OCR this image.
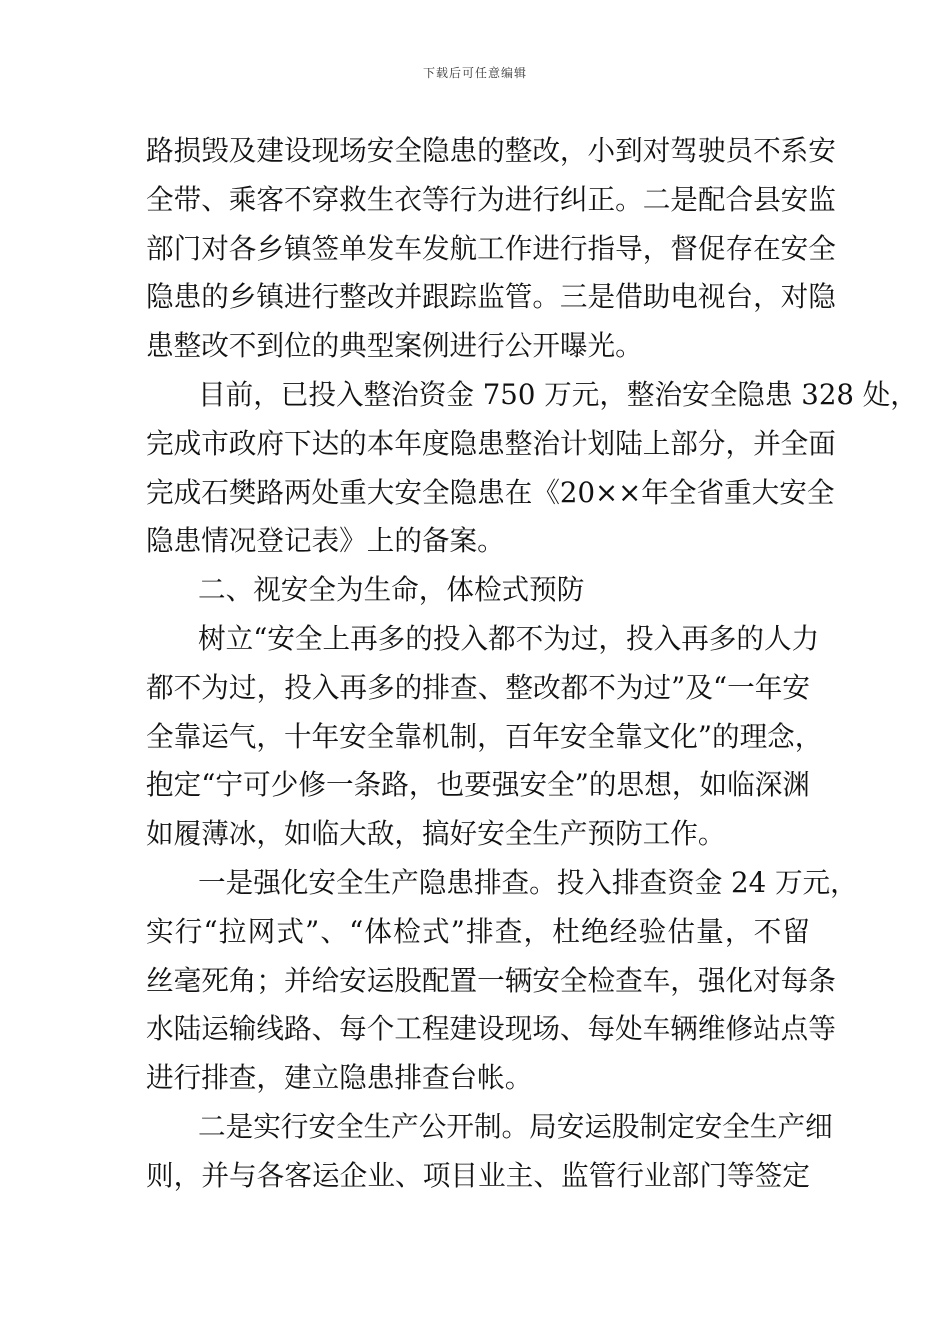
下载后可任意编辑
路损毁及建设现场安全隐患的整改，小到对驾驶员不系安
全带、乘客不穿救生衣等行为进行纠正。二是配合县安监
部门对各乡镇签单发车发航工作进行指导，督促存在安全
隐患的乡镇进行整改并跟踪监管。三是借助电视台，对隐
患整改不到位的典型案例进行公开曝光。
目前，已投入整治资金 750 万元，整治安全隐患 328 处，
完成市政府下达的本年度隐患整治计划陆上部分，并全面
完成石樊路两处重大安全隐患在《20××年全省重大安全
隐患情况登记表》上的备案。
二、视安全为生命，体检式预防
树立“安全上再多的投入都不为过，投入再多的人力
都不为过，投入再多的排查、整改都不为过”及“一年安
全靠运气，十年安全靠机制，百年安全靠文化”的理念，
抱定“宁可少修一条路，也要强安全”的思想，如临深渊
如履薄冰，如临大敌，搞好安全生产预防工作。
一是强化安全生产隐患排查。投入排查资金 24 万元，
实行“拉网式”、“体检式”排查，杜绝经验估量，不留
丝毫死角；并给安运股配置一辆安全检查车，强化对每条
水陆运输线路、每个工程建设现场、每处车辆维修站点等
进行排查，建立隐患排查台帐。
二是实行安全生产公开制。局安运股制定安全生产细
则，并与各客运企业、项目业主、监管行业部门等签定
